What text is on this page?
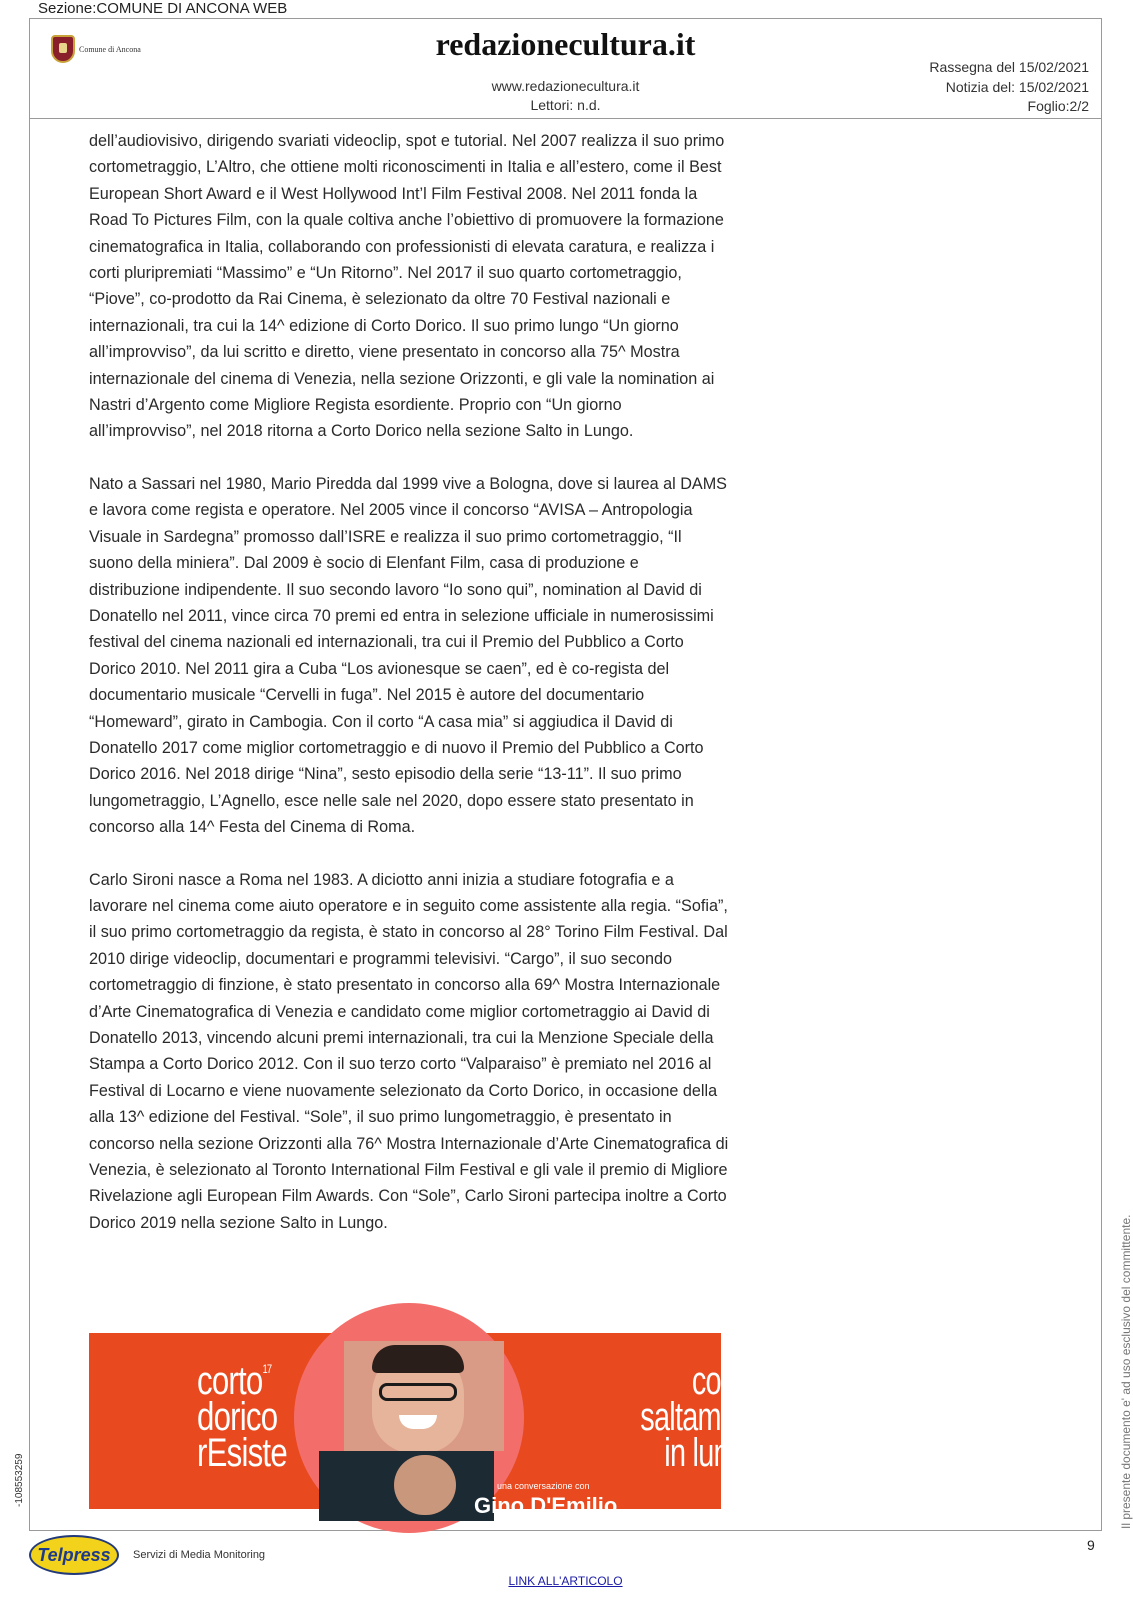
Sezione:COMUNE DI ANCONA WEB
Comune di Ancona	redazionecultura.it
www.redazionecultura.it
Lettori: n.d.
Rassegna del 15/02/2021
Notizia del: 15/02/2021
Foglio:2/2

dell’audiovisivo, dirigendo svariati videoclip, spot e tutorial. Nel 2007 realizza il suo primo cortometraggio, L’Altro, che ottiene molti riconoscimenti in Italia e all’estero, come il Best European Short Award e il West Hollywood Int’l Film Festival 2008. Nel 2011 fonda la Road To Pictures Film, con la quale coltiva anche l’obiettivo di promuovere la formazione cinematografica in Italia, collaborando con professionisti di elevata caratura, e realizza i corti pluripremiati “Massimo” e “Un Ritorno”. Nel 2017 il suo quarto cortometraggio, “Piove”, co-prodotto da Rai Cinema, è selezionato da oltre 70 Festival nazionali e internazionali, tra cui la 14^ edizione di Corto Dorico. Il suo primo lungo “Un giorno all’improvviso”, da lui scritto e diretto, viene presentato in concorso alla 75^ Mostra internazionale del cinema di Venezia, nella sezione Orizzonti, e gli vale la nomination ai Nastri d’Argento come Migliore Regista esordiente. Proprio con “Un giorno all’improvviso”, nel 2018 ritorna a Corto Dorico nella sezione Salto in Lungo.

Nato a Sassari nel 1980, Mario Piredda dal 1999 vive a Bologna, dove si laurea al DAMS e lavora come regista e operatore. Nel 2005 vince il concorso “AVISA – Antropologia Visuale in Sardegna” promosso dall’ISRE e realizza il suo primo cortometraggio, “Il suono della miniera”. Dal 2009 è socio di Elenfant Film, casa di produzione e distribuzione indipendente. Il suo secondo lavoro “Io sono qui”, nomination al David di Donatello nel 2011, vince circa 70 premi ed entra in selezione ufficiale in numerosissimi festival del cinema nazionali ed internazionali, tra cui il Premio del Pubblico a Corto Dorico 2010. Nel 2011 gira a Cuba “Los avionesque se caen”, ed è co-regista del documentario musicale “Cervelli in fuga”. Nel 2015 è autore del documentario “Homeward”, girato in Cambogia. Con il corto “A casa mia” si aggiudica il David di Donatello 2017 come miglior cortometraggio e di nuovo il Premio del Pubblico a Corto Dorico 2016. Nel 2018 dirige “Nina”, sesto episodio della serie “13-11”. Il suo primo lungometraggio, L’Agnello, esce nelle sale nel 2020, dopo essere stato presentato in concorso alla 14^ Festa del Cinema di Roma.

Carlo Sironi nasce a Roma nel 1983. A diciotto anni inizia a studiare fotografia e a lavorare nel cinema come aiuto operatore e in seguito come assistente alla regia. “Sofia”, il suo primo cortometraggio da regista, è stato in concorso al 28° Torino Film Festival. Dal 2010 dirige videoclip, documentari e programmi televisivi. “Cargo”, il suo secondo cortometraggio di finzione, è stato presentato in concorso alla 69^ Mostra Internazionale d’Arte Cinematografica di Venezia e candidato come miglior cortometraggio ai David di Donatello 2013, vincendo alcuni premi internazionali, tra cui la Menzione Speciale della Stampa a Corto Dorico 2012. Con il suo terzo corto “Valparaiso” è premiato nel 2016 al Festival di Locarno e viene nuovamente selezionato da Corto Dorico, in occasione della alla 13^ edizione del Festival. “Sole”, il suo primo lungometraggio, è presentato in concorso nella sezione Orizzonti alla 76^ Mostra Internazionale d’Arte Cinematografica di Venezia, è selezionato al Toronto International Film Festival e gli vale il premio di Migliore Rivelazione agli European Film Awards. Con “Sole”, Carlo Sironi partecipa inoltre a Corto Dorico 2019 nella sezione Salto in Lungo.

corto$^{17}$
dorico
rEsiste
come
saltammo
in lungo
una conversazione con
Gino D'Emilio	Il presente documento e' ad uso esclusivo del committente.
-108553259
Telpress Servizi di Media Monitoring
9
LINK ALL'ARTICOLO
